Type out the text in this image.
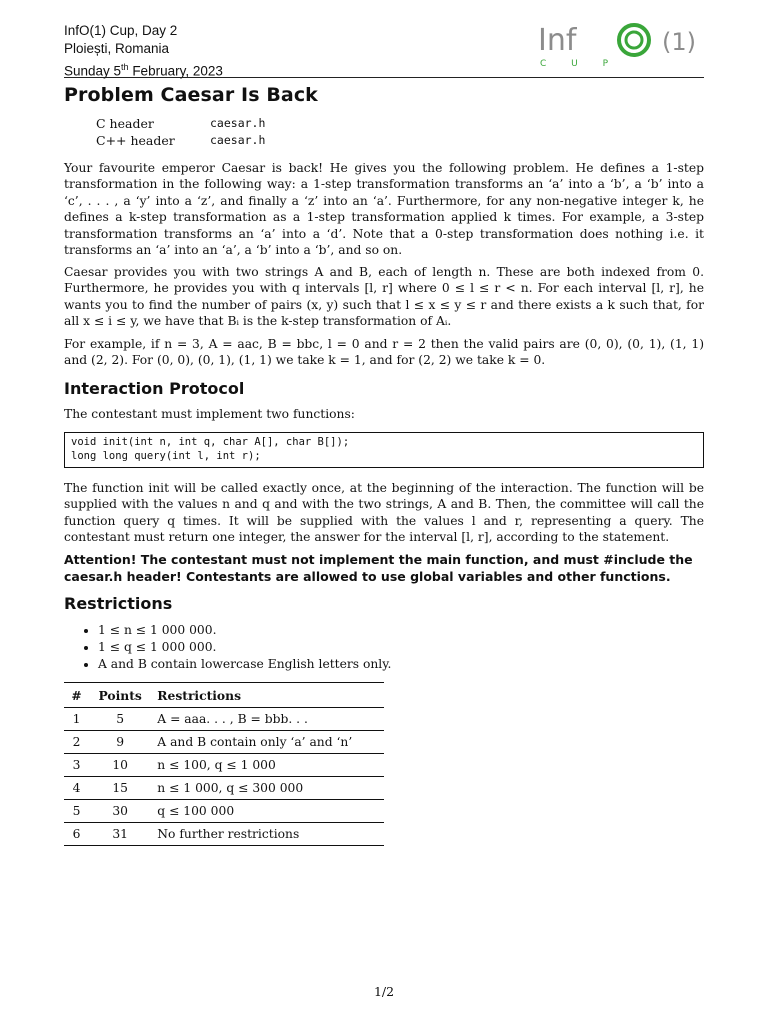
InfO(1) Cup, Day 2
Ploiești, Romania
Sunday 5th February, 2023
Inf	(1)
C U P
Problem Caesar Is Back
C header	caesar.h
C++ header	caesar.h

Your favourite emperor Caesar is back! He gives you the following problem. He defines a 1-step transformation in the following way: a 1-step transformation transforms an ‘a’ into a ‘b’, a ‘b’ into a ‘c’, . . . , a ‘y’ into a ‘z’, and finally a ‘z’ into an ‘a’. Furthermore, for any non-negative integer k, he defines a k-step transformation as a 1-step transformation applied k times. For example, a 3-step transformation transforms an ‘a’ into a ‘d’. Note that a 0-step transformation does nothing i.e. it transforms an ‘a’ into an ‘a’, a ‘b’ into a ‘b’, and so on.

Caesar provides you with two strings A and B, each of length n. These are both indexed from 0. Furthermore, he provides you with q intervals [l, r] where 0 ≤ l ≤ r < n. For each interval [l, r], he wants you to find the number of pairs (x, y) such that l ≤ x ≤ y ≤ r and there exists a k such that, for all x ≤ i ≤ y, we have that Bᵢ is the k-step transformation of Aᵢ.

For example, if n = 3, A = aac, B = bbc, l = 0 and r = 2 then the valid pairs are (0, 0), (0, 1), (1, 1) and (2, 2). For (0, 0), (0, 1), (1, 1) we take k = 1, and for (2, 2) we take k = 0.

Interaction Protocol

The contestant must implement two functions:

void init(int n, int q, char A[], char B[]);
long long query(int l, int r);

The function init will be called exactly once, at the beginning of the interaction. The function will be supplied with the values n and q and with the two strings, A and B. Then, the committee will call the function query q times. It will be supplied with the values l and r, representing a query. The contestant must return one integer, the answer for the interval [l, r], according to the statement.

Attention! The contestant must not implement the main function, and must #include the caesar.h header! Contestants are allowed to use global variables and other functions.

Restrictions
• 1 ≤ n ≤ 1 000 000.
• 1 ≤ q ≤ 1 000 000.
• A and B contain lowercase English letters only.
#	Points	Restrictions
1	5	A = aaa. . . , B = bbb. . .
2	9	A and B contain only ‘a’ and ‘n’
3	10	n ≤ 100, q ≤ 1 000
4	15	n ≤ 1 000, q ≤ 300 000
5	30	q ≤ 100 000
6	31	No further restrictions
1/2
